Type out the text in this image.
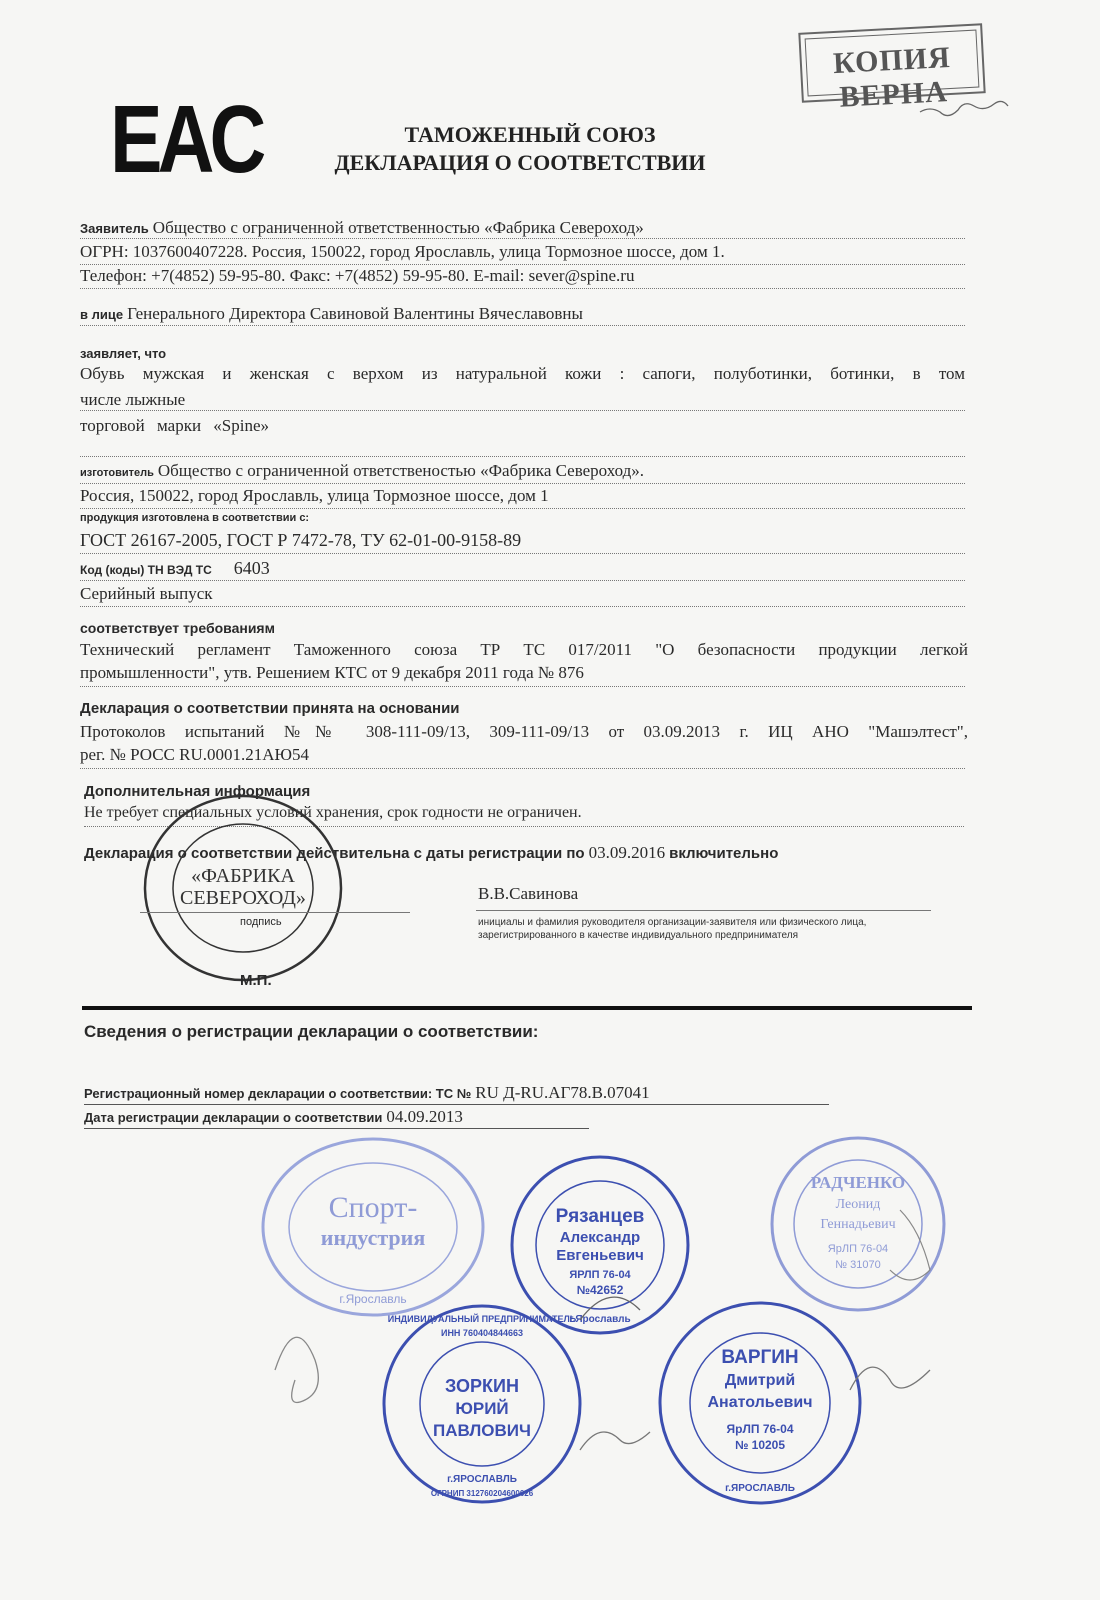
КОПИЯ ВЕРНА
EAC	ТАМОЖЕННЫЙ СОЮЗ
ДЕКЛАРАЦИЯ О СООТВЕТСТВИИ
Заявитель Общество с ограниченной ответственностью «Фабрика Североход»
ОГРН: 1037600407228. Россия, 150022, город Ярославль, улица Тормозное шоссе, дом 1.
Телефон: +7(4852) 59-95-80. Факс: +7(4852) 59-95-80. E-mail: sever@spine.ru
в лице Генерального Директора Савиновой Валентины Вячеславовны
заявляет, что
Обувь мужская и женская с верхом из натуральной кожи : сапоги, полуботинки, ботинки, в том
числе лыжные
торговой марки «Spine»
изготовитель Общество с ограниченной ответственостью «Фабрика Североход».
Россия, 150022, город Ярославль, улица Тормозное шоссе, дом 1
продукция изготовлена в соответствии с:
ГОСТ 26167-2005, ГОСТ Р 7472-78, ТУ 62-01-00-9158-89
Код (коды) ТН ВЭД ТС 6403
Серийный выпуск
соответствует требованиям
Технический регламент Таможенного союза ТР ТС 017/2011 "О безопасности продукции легкой
промышленности", утв. Решением КТС от 9 декабря 2011 года № 876
Декларация о соответствии принята на основании
Протоколов испытаний №№ 308-111-09/13, 309-111-09/13 от 03.09.2013 г. ИЦ АНО "Машэлтест",
рег. № РОСС RU.0001.21АЮ54
Дополнительная информация
Не требует специальных условий хранения, срок годности не ограничен.
Декларация о соответствии действительна с даты регистрации по 03.09.2016 включительно
«ФАБРИКА
СЕВЕРОХОД»
подпись
М.П.
В.В.Савинова
инициалы и фамилия руководителя организации-заявителя или физического лица, зарегистрированного в качестве индивидуального предпринимателя
Сведения о регистрации декларации о соответствии:
Регистрационный номер декларации о соответствии: ТС № RU Д-RU.АГ78.В.07041
Дата регистрации декларации о соответствии 04.09.2013
Спорт-
индустрия
г.Ярославль
Рязанцев
Александр
Евгеньевич
ЯРЛП 76-04
№42652
г.Ярославль
РАДЧЕНКО
Леонид
Геннадьевич
ЯрЛП 76-04
№ 31070
ИНДИВИДУАЛЬНЫЙ ПРЕДПРИНИМАТЕЛЬ
ИНН 760404844663
ЗОРКИН
ЮРИЙ
ПАВЛОВИЧ
г.ЯРОСЛАВЛЬ
ОГРНИП 312760204600026
ВАРГИН
Дмитрий
Анатольевич
ЯрЛП 76-04
№ 10205
г.ЯРОСЛАВЛЬ
